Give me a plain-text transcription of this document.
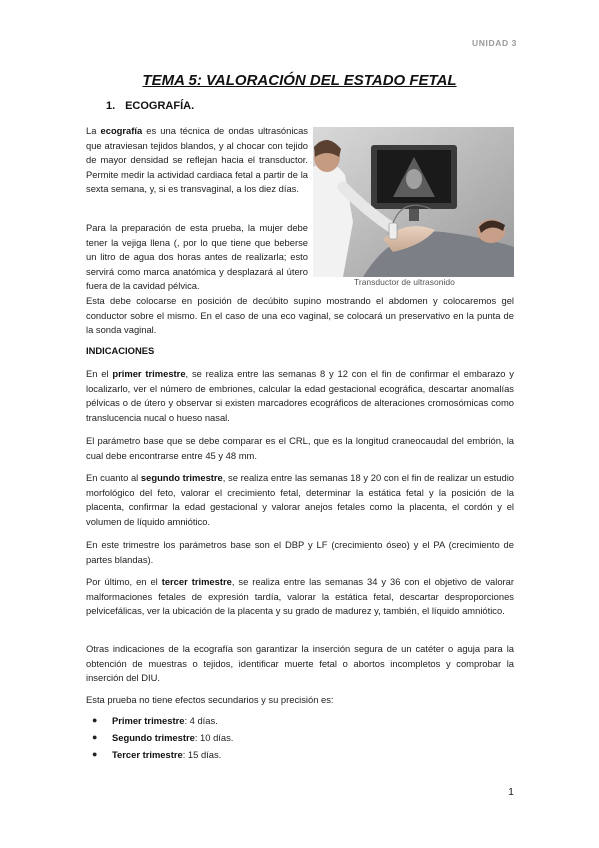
UNIDAD 3
TEMA 5: VALORACIÓN DEL ESTADO FETAL
1. ECOGRAFÍA.
Transductor de ultrasonido
La ecografía es una técnica de ondas ultrasónicas que atraviesan tejidos blandos, y al chocar con tejido de mayor densidad se reflejan hacia el transductor. Permite medir la actividad cardiaca fetal a partir de la sexta semana, y, si es transvaginal, a los diez días.
Para la preparación de esta prueba, la mujer debe tener la vejiga llena (, por lo que tiene que beberse un litro de agua dos horas antes de realizarla; esto servirá como marca anatómica y desplazará al útero fuera de la cavidad pélvica.
Esta debe colocarse en posición de decúbito supino mostrando el abdomen y colocaremos gel conductor sobre el mismo. En el caso de una eco vaginal, se colocará un preservativo en la punta de la sonda vaginal.
INDICACIONES
En el primer trimestre, se realiza entre las semanas 8 y 12 con el fin de confirmar el embarazo y localizarlo, ver el número de embriones, calcular la edad gestacional ecográfica, descartar anomalías pélvicas o de útero y observar si existen marcadores ecográficos de alteraciones cromosómicas como translucencia nucal o hueso nasal.
El parámetro base que se debe comparar es el CRL, que es la longitud craneocaudal del embrión, la cual debe encontrarse entre 45 y 48 mm.
En cuanto al segundo trimestre, se realiza entre las semanas 18 y 20 con el fin de realizar un estudio morfológico del feto, valorar el crecimiento fetal, determinar la estática fetal y la posición de la placenta, confirmar la edad gestacional y valorar anejos fetales como la placenta, el cordón y el volumen de líquido amniótico.
En este trimestre los parámetros base son el DBP y LF (crecimiento óseo) y el PA (crecimiento de partes blandas).
Por último, en el tercer trimestre, se realiza entre las semanas 34 y 36 con el objetivo de valorar malformaciones fetales de expresión tardía, valorar la estática fetal, descartar desproporciones pelvicefálicas, ver la ubicación de la placenta y su grado de madurez y, también, el líquido amniótico.
Otras indicaciones de la ecografía son garantizar la inserción segura de un catéter o aguja para la obtención de muestras o tejidos, identificar muerte fetal o abortos incompletos y comprobar la inserción del DIU.
Esta prueba no tiene efectos secundarios y su precisión es:
● Primer trimestre: 4 días.
● Segundo trimestre: 10 días.
● Tercer trimestre: 15 días.
1
